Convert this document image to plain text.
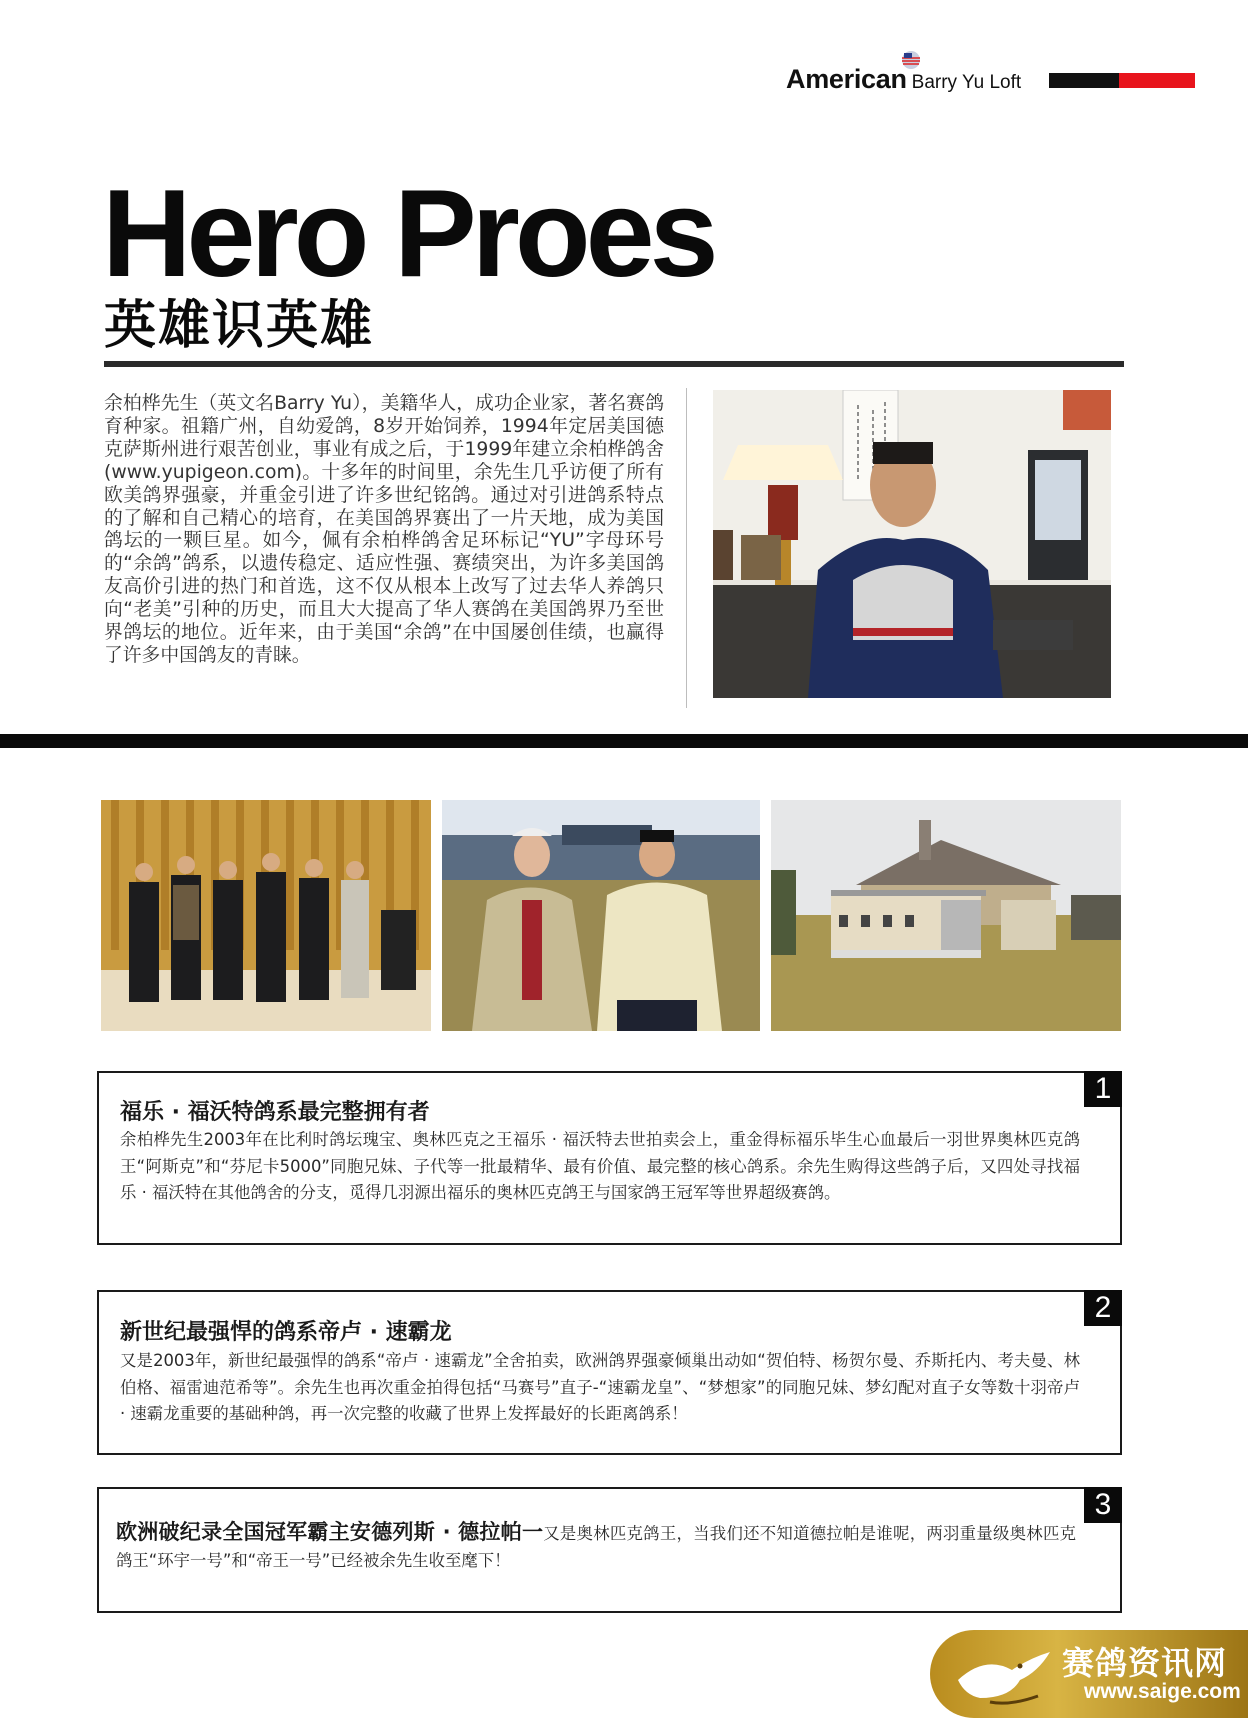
American Barry Yu Loft
Hero Proes
英雄识英雄
余柏桦先生（英文名Barry Yu），美籍华人，成功企业家，著名赛鸽育种家。祖籍广州，自幼爱鸽，8岁开始饲养，1994年定居美国德克萨斯州进行艰苦创业，事业有成之后，于1999年建立余柏桦鸽舍(www.yupigeon.com)。十多年的时间里，余先生几乎访便了所有欧美鸽界强豪，并重金引进了许多世纪铭鸽。通过对引进鸽系特点的了解和自己精心的培育，在美国鸽界赛出了一片天地，成为美国鸽坛的一颗巨星。如今，佩有余柏桦鸽舍足环标记“YU”字母环号的“余鸽”鸽系，以遗传稳定、适应性强、赛绩突出，为许多美国鸽友高价引进的热门和首选，这不仅从根本上改写了过去华人养鸽只向“老美”引种的历史，而且大大提高了华人赛鸽在美国鸽界乃至世界鸽坛的地位。近年来，由于美国“余鸽”在中国屡创佳绩，也赢得了许多中国鸽友的青睐。
1
福乐 · 福沃特鸽系最完整拥有者
余柏桦先生2003年在比利时鸽坛瑰宝、奥林匹克之王福乐 · 福沃特去世拍卖会上，重金得标福乐毕生心血最后一羽世界奥林匹克鸽王“阿斯克”和“芬尼卡5000”同胞兄妹、子代等一批最精华、最有价值、最完整的核心鸽系。余先生购得这些鸽子后，又四处寻找福乐 · 福沃特在其他鸽舍的分支，觅得几羽源出福乐的奥林匹克鸽王与国家鸽王冠军等世界超级赛鸽。
2
新世纪最强悍的鸽系帝卢 · 速霸龙
又是2003年，新世纪最强悍的鸽系“帝卢 · 速霸龙”全舍拍卖，欧洲鸽界强豪倾巢出动如“贺伯特、杨贺尔曼、乔斯托内、考夫曼、林伯格、福雷迪范希等”。余先生也再次重金拍得包括“马赛号”直子-“速霸龙皇”、“梦想家”的同胞兄妹、梦幻配对直子女等数十羽帝卢 · 速霸龙重要的基础种鸽，再一次完整的收藏了世界上发挥最好的长距离鸽系！
3
欧洲破纪录全国冠军霸主安德列斯 · 德拉帕一又是奥林匹克鸽王，当我们还不知道德拉帕是谁呢，两羽重量级奥林匹克鸽王“环宇一号”和“帝王一号”已经被余先生收至麾下！
赛鸽资讯网
www.saige.com
